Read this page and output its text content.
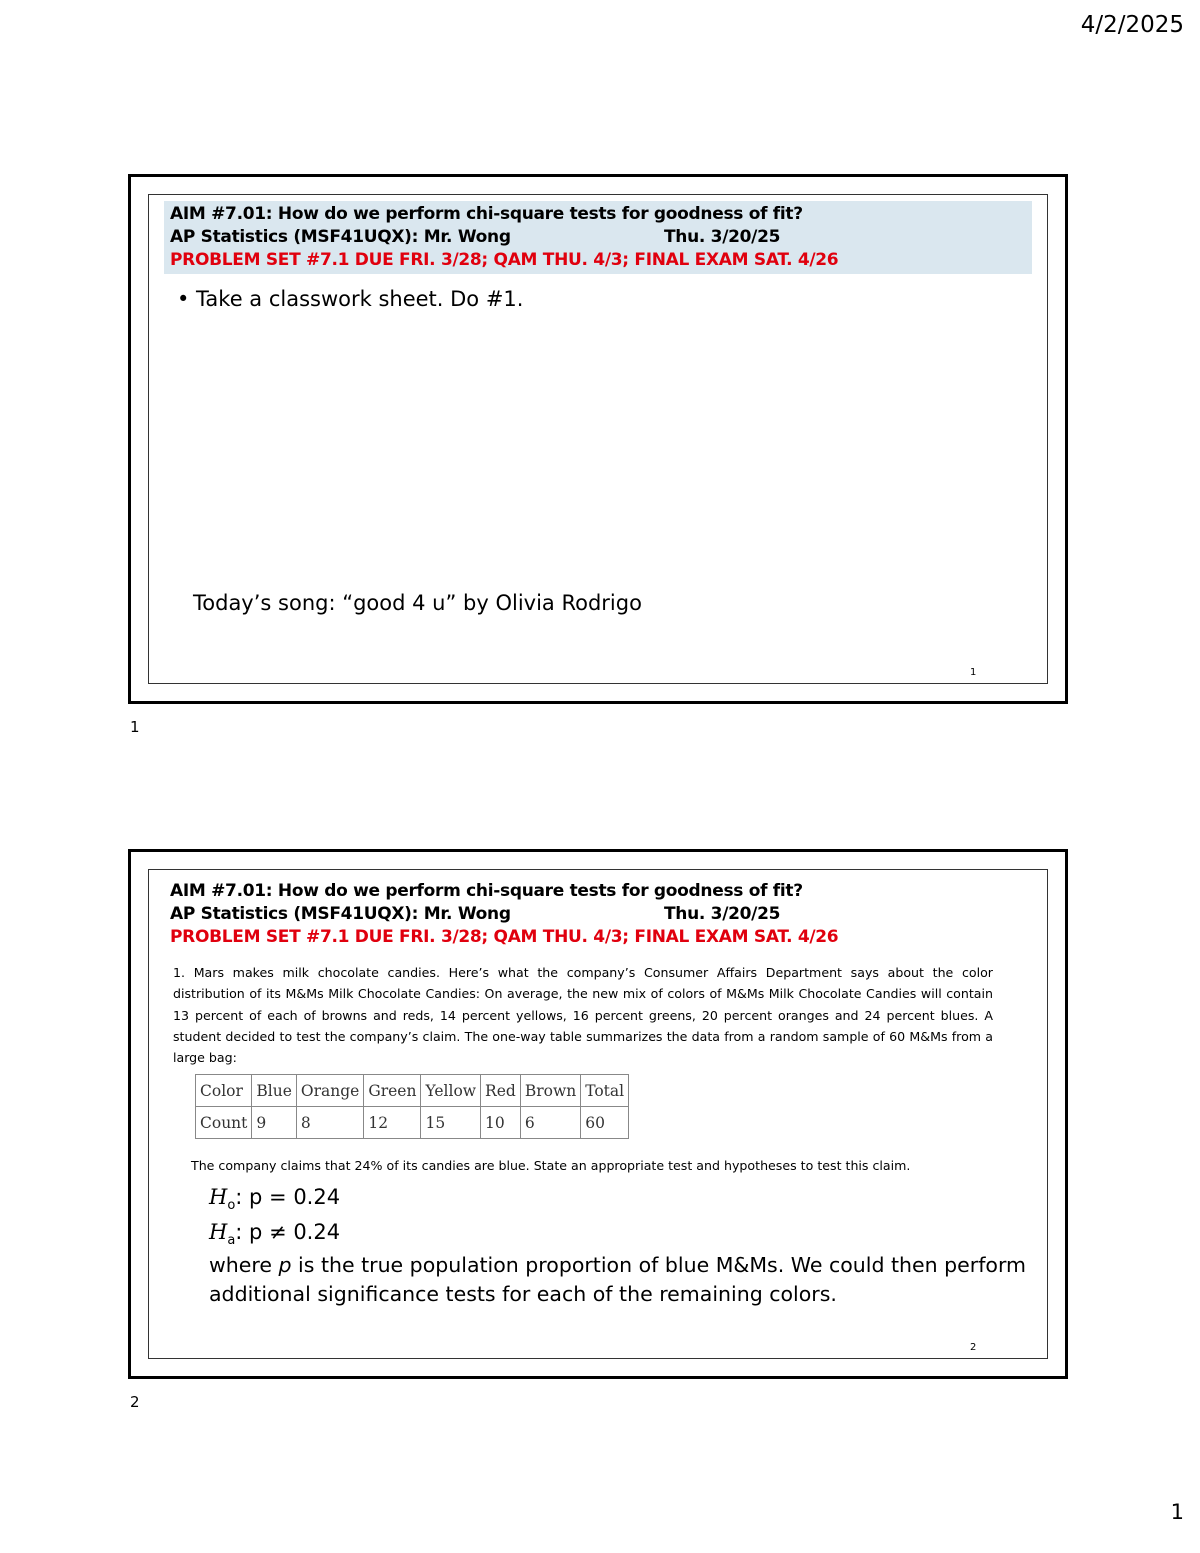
4/2/2025
AIM #7.01: How do we perform chi-square tests for goodness of fit?
AP Statistics (MSF41UQX): Mr. Wong	Thu. 3/20/25
PROBLEM SET #7.1 DUE FRI. 3/28; QAM THU. 4/3; FINAL EXAM SAT. 4/26
• Take a classwork sheet. Do #1.
Today’s song: “good 4 u” by Olivia Rodrigo
1
1
AIM #7.01: How do we perform chi-square tests for goodness of fit?
AP Statistics (MSF41UQX): Mr. Wong	Thu. 3/20/25
PROBLEM SET #7.1 DUE FRI. 3/28; QAM THU. 4/3; FINAL EXAM SAT. 4/26
1. Mars makes milk chocolate candies. Here’s what the company’s Consumer Affairs Department says about the color distribution of its M&Ms Milk Chocolate Candies: On average, the new mix of colors of M&Ms Milk Chocolate Candies will contain 13 percent of each of browns and reds, 14 percent yellows, 16 percent greens, 20 percent oranges and 24 percent blues. A student decided to test the company’s claim. The one-way table summarizes the data from a random sample of 60 M&Ms from a large bag:
Color	Blue	Orange	Green	Yellow	Red	Brown	Total
Count	9	8	12	15	10	6	60
The company claims that 24% of its candies are blue. State an appropriate test and hypotheses to test this claim.
$H_o$: p = 0.24
$H_a$: p ≠ 0.24
where p is the true population proportion of blue M&Ms. We could then perform additional significance tests for each of the remaining colors.
2
2
1
